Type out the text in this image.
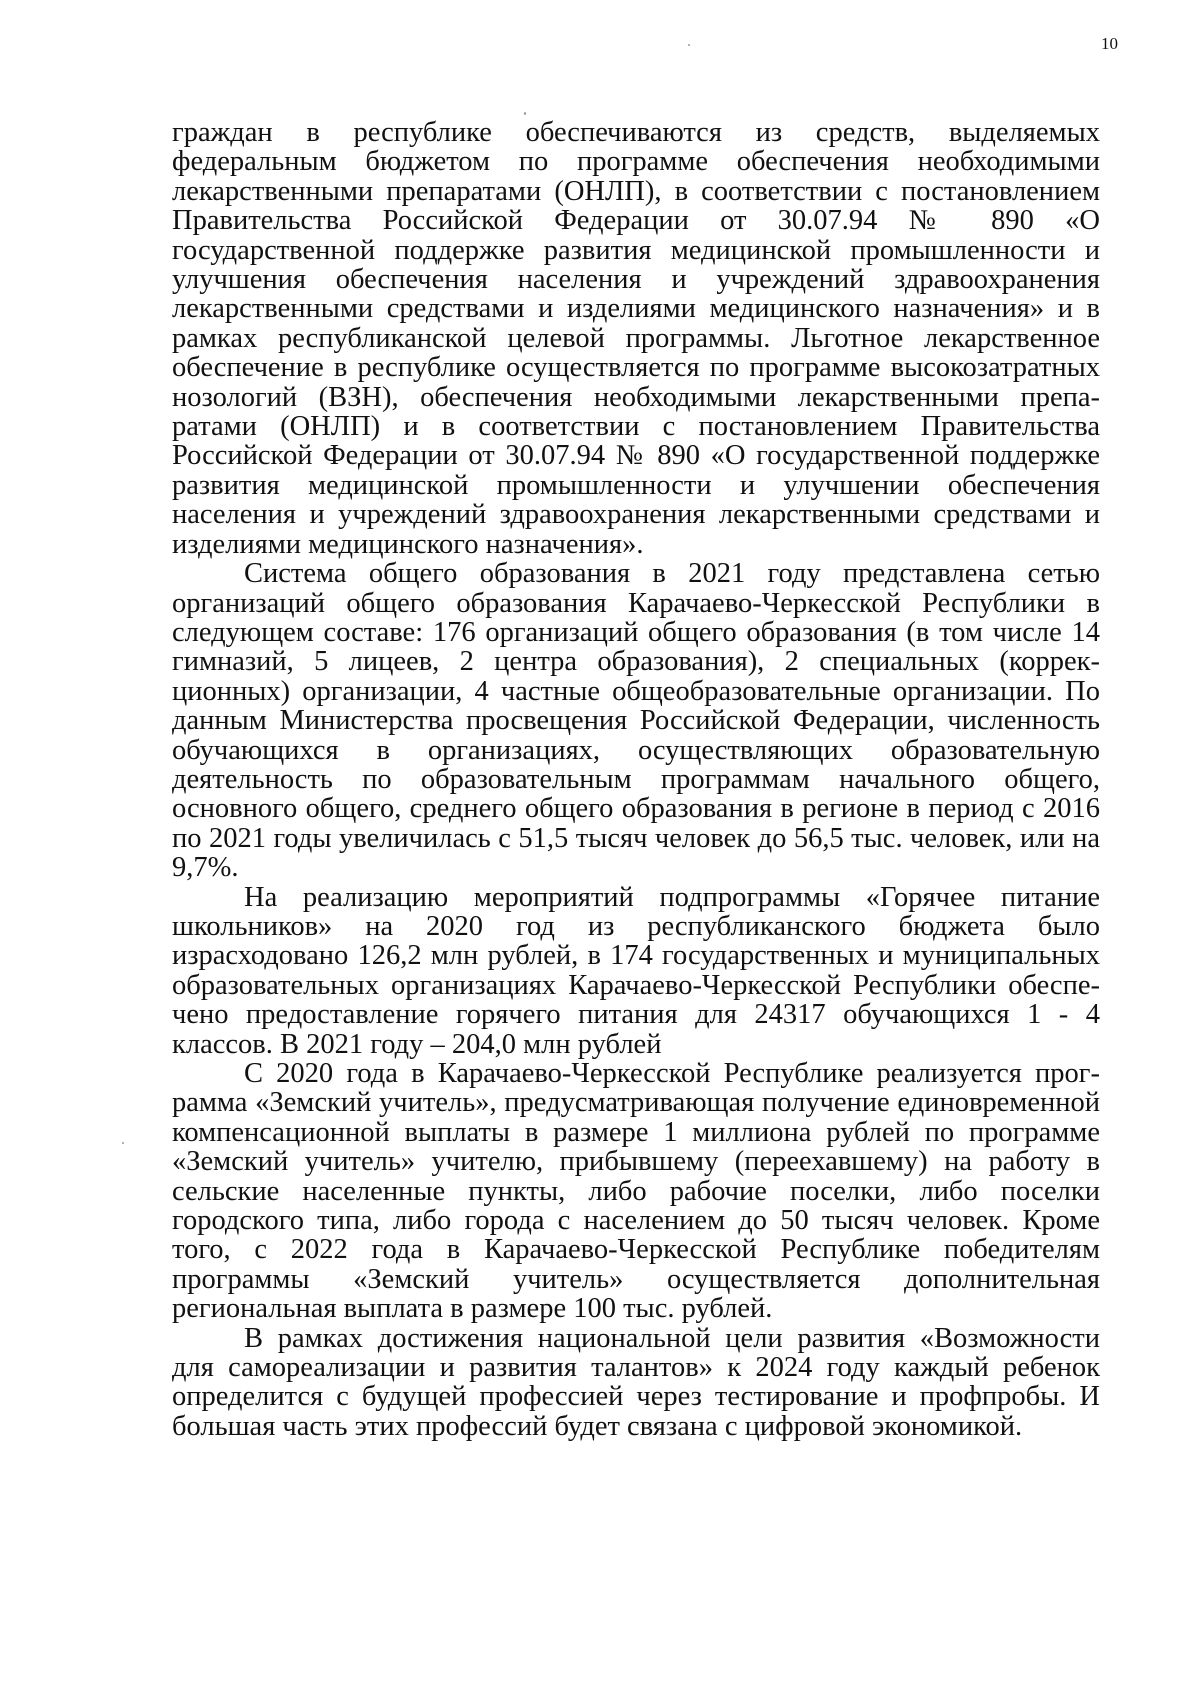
10

граждан в республике обеспечиваются из средств, выделяемых федеральным бюджетом по программе обеспечения необходимыми лекарственными препаратами (ОНЛП), в соответствии с постановлением Правительства Российской Федерации от 30.07.94 № 890 «О государственной поддержке развития медицинской промышленности и улучшения обеспечения населения и учреждений здравоохранения лекарственными средствами и изделиями медицинского назначения» и в рамках республиканской целевой программы. Льготное лекарственное обеспечение в республике осуществляется по программе высокозатратных нозологий (ВЗН), обеспечения необходимыми лекарственными препаратами (ОНЛП) и в соответствии с постановлением Правительства Российской Федерации от 30.07.94 № 890 «О государственной поддержке развития медицинской промышленности и улучшении обеспечения населения и учреждений здравоохранения лекарственными средствами и изделиями медицинского назначения».

Система общего образования в 2021 году представлена сетью организаций общего образования Карачаево-Черкесской Республики в следующем составе: 176 организаций общего образования (в том числе 14 гимназий, 5 лицеев, 2 центра образования), 2 специальных (коррекционных) организации, 4 частные общеобразовательные организации. По данным Министерства просвещения Российской Федерации, численность обучающихся в организациях, осуществляющих образовательную деятельность по образовательным программам начального общего, основного общего, среднего общего образования в регионе в период с 2016 по 2021 годы увеличилась с 51,5 тысяч человек до 56,5 тыс. человек, или на 9,7%.

На реализацию мероприятий подпрограммы «Горячее питание школьников» на 2020 год из республиканского бюджета было израсходовано 126,2 млн рублей, в 174 государственных и муниципальных образовательных организациях Карачаево-Черкесской Республики обеспечено предоставление горячего питания для 24317 обучающихся 1 - 4 классов. В 2021 году – 204,0 млн рублей

С 2020 года в Карачаево-Черкесской Республике реализуется программа «Земский учитель», предусматривающая получение единовременной компенсационной выплаты в размере 1 миллиона рублей по программе «Земский учитель» учителю, прибывшему (переехавшему) на работу в сельские населенные пункты, либо рабочие поселки, либо поселки городского типа, либо города с населением до 50 тысяч человек. Кроме того, с 2022 года в Карачаево-Черкесской Республике победителям программы «Земский учитель» осуществляется дополнительная региональная выплата в размере 100 тыс. рублей.

В рамках достижения национальной цели развития «Возможности для самореализации и развития талантов» к 2024 году каждый ребенок определится с будущей профессией через тестирование и профпробы. И большая часть этих профессий будет связана с цифровой экономикой.
